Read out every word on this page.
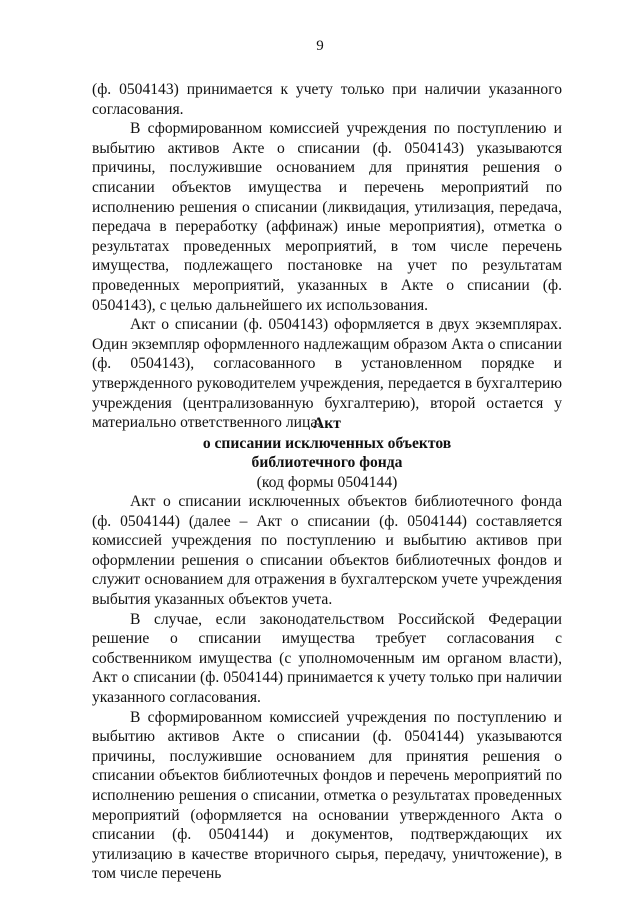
9

(ф. 0504143) принимается к учету только при наличии указанного согласования.

В сформированном комиссией учреждения по поступлению и выбытию активов Акте о списании (ф. 0504143) указываются причины, послужившие основанием для принятия решения о списании объектов имущества и перечень мероприятий по исполнению решения о списании (ликвидация, утилизация, передача, передача в переработку (аффинаж) иные мероприятия), отметка о результатах проведенных мероприятий, в том числе перечень имущества, подлежащего постановке на учет по результатам проведенных мероприятий, указанных в Акте о списании (ф. 0504143), с целью дальнейшего их использования.

Акт о списании (ф. 0504143) оформляется в двух экземплярах. Один экземпляр оформленного надлежащим образом Акта о списании (ф. 0504143), согласованного в установленном порядке и утвержденного руководителем учреждения, передается в бухгалтерию учреждения (централизованную бухгалтерию), второй остается у материально ответственного лица.

Акт
о списании исключенных объектов
библиотечного фонда
(код формы 0504144)

Акт о списании исключенных объектов библиотечного фонда (ф. 0504144) (далее – Акт о списании (ф. 0504144) составляется комиссией учреждения по поступлению и выбытию активов при оформлении решения о списании объектов библиотечных фондов и служит основанием для отражения в бухгалтерском учете учреждения выбытия указанных объектов учета.

В случае, если законодательством Российской Федерации решение о списании имущества требует согласования с собственником имущества (с уполномоченным им органом власти), Акт о списании (ф. 0504144) принимается к учету только при наличии указанного согласования.

В сформированном комиссией учреждения по поступлению и выбытию активов Акте о списании (ф. 0504144) указываются причины, послужившие основанием для принятия решения о списании объектов библиотечных фондов и перечень мероприятий по исполнению решения о списании, отметка о результатах проведенных мероприятий (оформляется на основании утвержденного Акта о списании (ф. 0504144) и документов, подтверждающих их утилизацию в качестве вторичного сырья, передачу, уничтожение), в том числе перечень
